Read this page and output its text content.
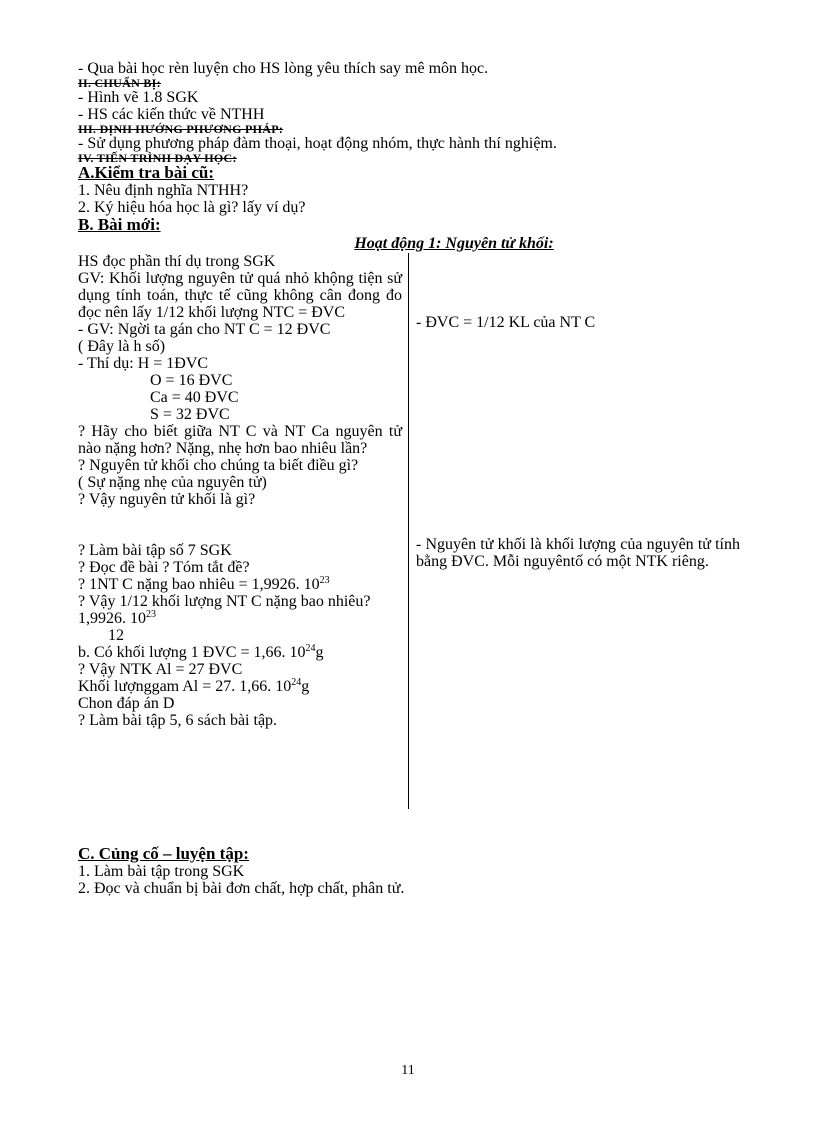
- Qua bài học rèn luyện cho HS lòng yêu thích say mê môn học.
II. CHUẨN BỊ:
- Hình vẽ 1.8 SGK
- HS các kiến thức về NTHH
III. ĐỊNH HƯỚNG PHƯƠNG PHÁP:
- Sử dụng phương pháp đàm thoại, hoạt động nhóm, thực hành thí nghiệm.
IV. TIẾN TRÌNH DẠY HỌC:
A.Kiểm tra bài cũ:
1. Nêu định nghĩa NTHH?
2. Ký hiệu hóa học là gì? lấy ví dụ?
B. Bài mới:
Hoạt động 1: Nguyên tử khối:
HS đọc phần thí dụ trong SGK
GV: Khối lượng nguyên tử quá nhỏ khộng tiện sử dụng tính toán, thực tế cũng không cân đong đo đọc nên lấy 1/12 khối lượng NTC = ĐVC
- GV: Ngời ta gán cho NT C = 12 ĐVC
( Đây là h số)
- Thí dụ: H = 1ĐVC
O = 16 ĐVC
Ca = 40 ĐVC
S = 32 ĐVC
? Hãy cho biết giữa NT C và NT Ca nguyên tử nào nặng hơn? Nặng, nhẹ hơn bao nhiêu lần?
? Nguyên tử khối cho chúng ta biết điều gì?
( Sự nặng nhẹ của nguyên tử)
? Vậy nguyên tử khối là gì?
? Làm bài tập số 7 SGK
? Đọc đề bài ? Tóm tắt đề?
? 1NT C nặng bao nhiêu = 1,9926. $10^{23}$
? Vậy 1/12 khối lượng NT C nặng bao nhiêu?
1,9926. $10^{23}$
12
b. Có khối lượng 1 ĐVC = 1,66. $10^{24}g$
? Vậy NTK Al = 27 ĐVC
Khối lượnggam Al = 27. 1,66. $10^{24}g$
Chon đáp án D
? Làm bài tập 5, 6 sách bài tập.
- ĐVC = 1/12 KL của NT C
- Nguyên tử khối là khối lượng của nguyên tử tính bằng ĐVC. Mỗi nguyêntố có một NTK riêng.
C. Củng cố – luyện tập:
1. Làm bài tập trong SGK
2. Đọc và chuẩn bị bài đơn chất, hợp chất, phân tử.
11
